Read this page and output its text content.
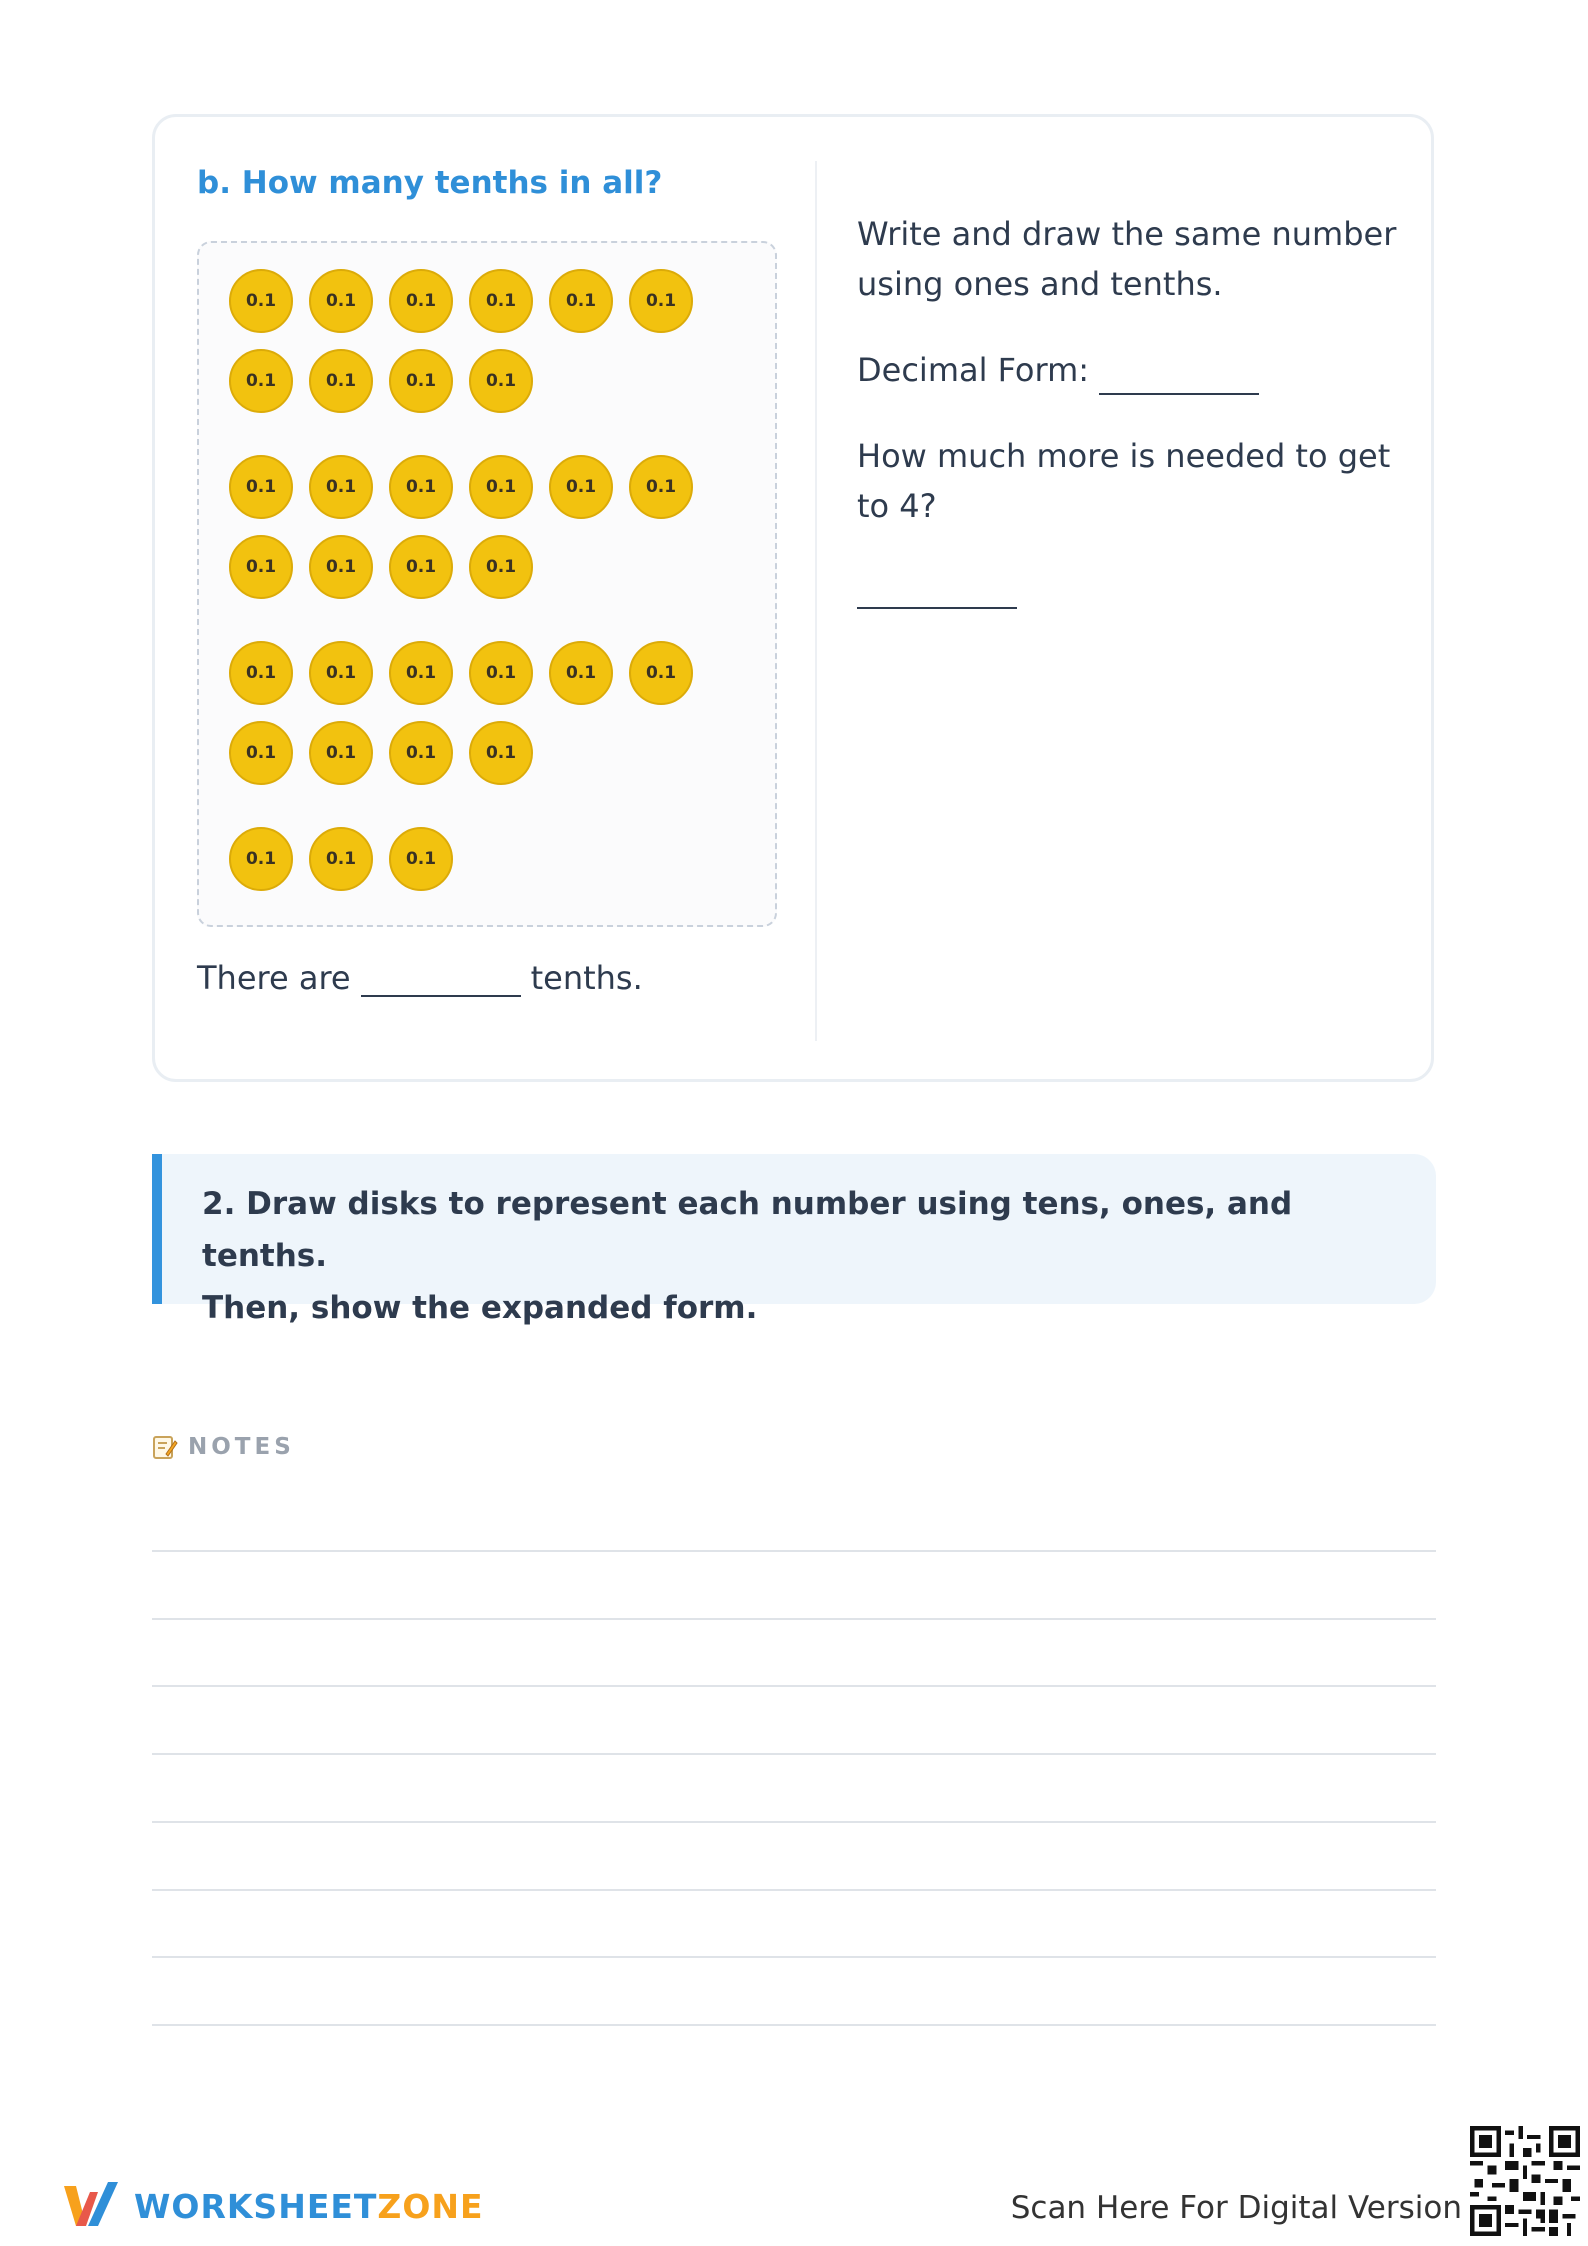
b. How many tenths in all?
0.1	0.1	0.1	0.1	0.1	0.1
0.1	0.1	0.1	0.1
0.1	0.1	0.1	0.1	0.1	0.1
0.1	0.1	0.1	0.1
0.1	0.1	0.1	0.1	0.1	0.1
0.1	0.1	0.1	0.1
0.1	0.1	0.1
There are	tenths.
Write and draw the same number using ones and tenths.
Decimal Form:
How much more is needed to get to 4?
2. Draw disks to represent each number using tens, ones, and tenths.
Then, show the expanded form.
NOTES
WORKSHEETZONE	Scan Here For Digital Version
